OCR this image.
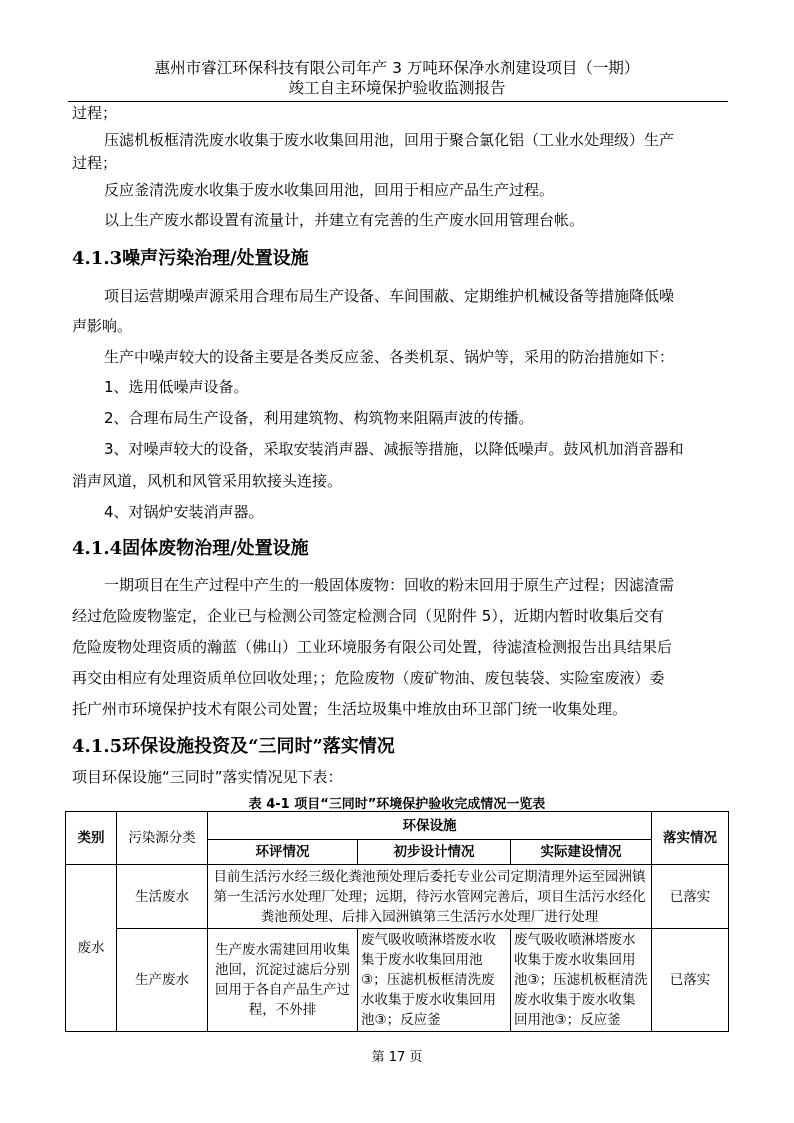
惠州市睿江环保科技有限公司年产 3 万吨环保净水剂建设项目（一期）
竣工自主环境保护验收监测报告
过程；
压滤机板框清洗废水收集于废水收集回用池，回用于聚合氯化铝（工业水处理级）生产
过程；
反应釜清洗废水收集于废水收集回用池，回用于相应产品生产过程。
以上生产废水都设置有流量计，并建立有完善的生产废水回用管理台帐。
4.1.3噪声污染治理/处置设施
项目运营期噪声源采用合理布局生产设备、车间围蔽、定期维护机械设备等措施降低噪
声影响。
生产中噪声较大的设备主要是各类反应釜、各类机泵、锅炉等，采用的防治措施如下：
1、选用低噪声设备。
2、合理布局生产设备，利用建筑物、构筑物来阻隔声波的传播。
3、对噪声较大的设备，采取安装消声器、减振等措施，以降低噪声。鼓风机加消音器和
消声风道，风机和风管采用软接头连接。
4、对锅炉安装消声器。
4.1.4固体废物治理/处置设施
一期项目在生产过程中产生的一般固体废物：回收的粉末回用于原生产过程；因滤渣需
经过危险废物鉴定，企业已与检测公司签定检测合同（见附件 5），近期内暂时收集后交有
危险废物处理资质的瀚蓝（佛山）工业环境服务有限公司处置，待滤渣检测报告出具结果后
再交由相应有处理资质单位回收处理；；危险废物（废矿物油、废包装袋、实险室废液）委
托广州市环境保护技术有限公司处置；生活垃圾集中堆放由环卫部门统一收集处理。
4.1.5环保设施投资及“三同时”落实情况
项目环保设施“三同时”落实情况见下表：
表 4-1 项目“三同时”环境保护验收完成情况一览表
类别	污染源分类	环保设施			落实情况
		环评情况	初步设计情况	实际建设情况	
废水	生活废水	目前生活污水经三级化粪池预处理后委托专业公司定期清理外运至园洲镇第一生活污水处理厂处理；远期，待污水管网完善后，项目生活污水经化粪池预处理、后排入园洲镇第三生活污水处理厂进行处理			已落实
	生产废水	生产废水需建回用收集池回，沉淀过滤后分别回用于各自产品生产过程，不外排	废气吸收喷淋塔废水收集于废水收集回用池③；压滤机板框清洗废水收集于废水收集回用池③；反应釜	废气吸收喷淋塔废水收集于废水收集回用池③；压滤机板框清洗废水收集于废水收集回用池③；反应釜	已落实
第 17 页
